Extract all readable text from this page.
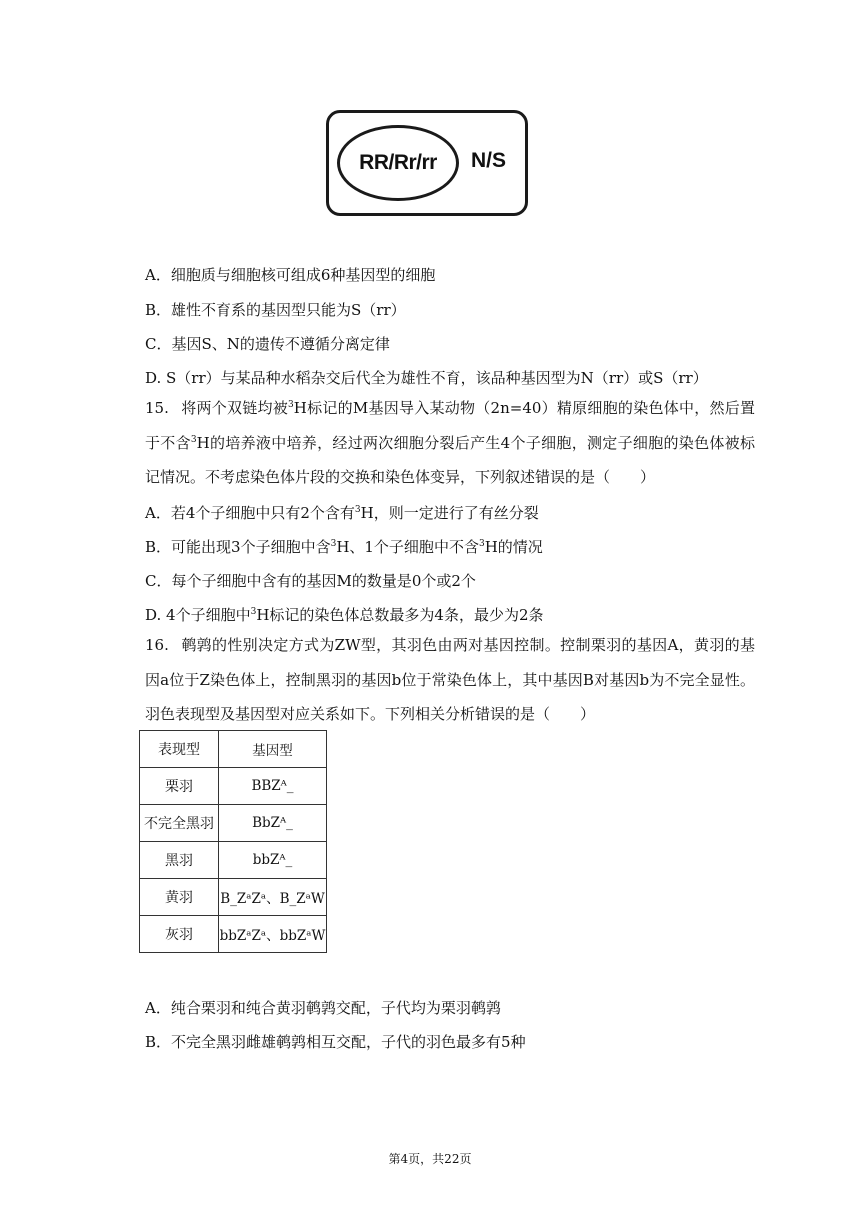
RR/Rr/rr N/S
A．细胞质与细胞核可组成6种基因型的细胞
B．雄性不育系的基因型只能为S（rr）
C．基因S、N的遗传不遵循分离定律
D. S（rr）与某品种水稻杂交后代全为雄性不育，该品种基因型为N（rr）或S（rr）
15. 将两个双链均被$^3$H标记的M基因导入某动物（2n=40）精原细胞的染色体中，然后置于不含$^3$H的培养液中培养，经过两次细胞分裂后产生4个子细胞，测定子细胞的染色体被标记情况。不考虑染色体片段的交换和染色体变异，下列叙述错误的是（　　）
A．若4个子细胞中只有2个含有$^3$H，则一定进行了有丝分裂
B．可能出现3个子细胞中含$^3$H、1个子细胞中不含$^3$H的情况
C．每个子细胞中含有的基因M的数量是0个或2个
D. 4个子细胞中$^3$H标记的染色体总数最多为4条，最少为2条
16. 鹌鹑的性别决定方式为ZW型，其羽色由两对基因控制。控制栗羽的基因A，黄羽的基因a位于Z染色体上，控制黑羽的基因b位于常染色体上，其中基因B对基因b为不完全显性。羽色表现型及基因型对应关系如下。下列相关分析错误的是（　　）
表现型	基因型
栗羽	BBZᴬ_
不完全黑羽	BbZᴬ_
黑羽	bbZᴬ_
黄羽	B_ZᵃZᵃ、B_ZᵃW
灰羽	bbZᵃZᵃ、bbZᵃW
A．纯合栗羽和纯合黄羽鹌鹑交配，子代均为栗羽鹌鹑
B．不完全黑羽雌雄鹌鹑相互交配，子代的羽色最多有5种
第4页，共22页
